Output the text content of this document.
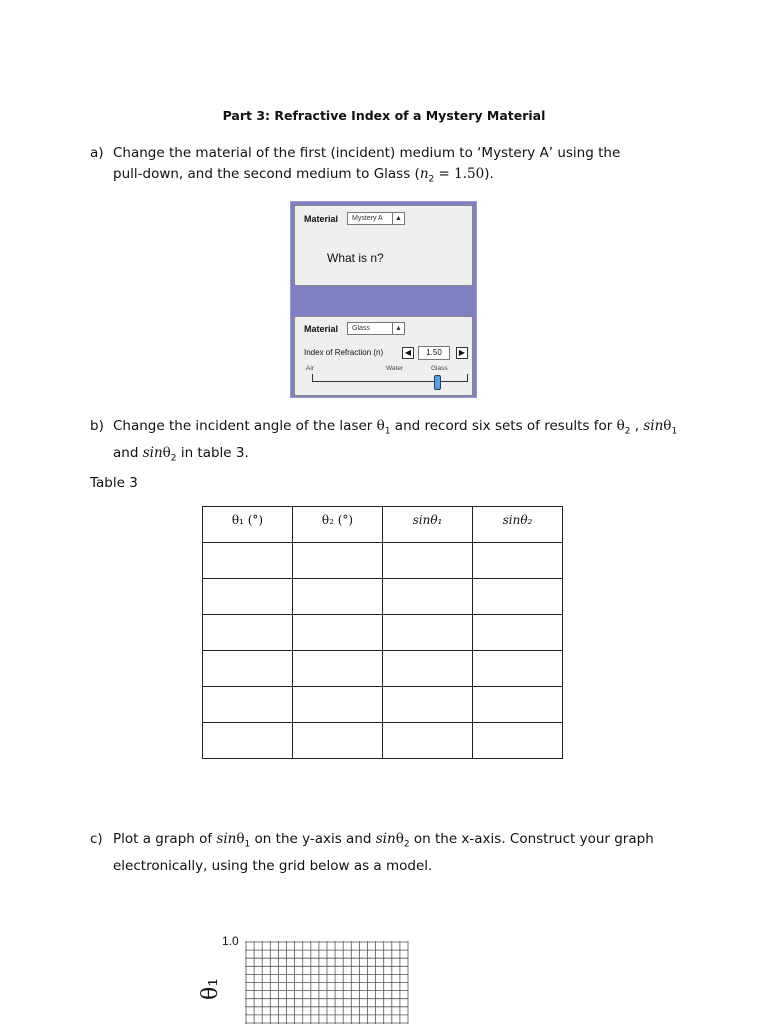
Part 3: Refractive Index of a Mystery Material
a) Change the material of the first (incident) medium to ‘Mystery A’ using the
pull-down, and the second medium to Glass $(n_2 = 1.50)$.
Material	Mystery A	▲
What is n?
Material	Glass	▲
Index of Refraction (n)	◀	1.50	▶
Air	Water	Glass
b) Change the incident angle of the laser $\theta_1$ and record six sets of results for $\theta_2$ , sinθ$_1$
and sinθ$_2$ in table 3.
Table 3
θ₁ (°)	θ₂ (°)	sinθ₁	sinθ₂

c) Plot a graph of sinθ$_1$ on the y-axis and sinθ$_2$ on the x-axis. Construct your graph
electronically, using the grid below as a model.
1.0
θ₁
